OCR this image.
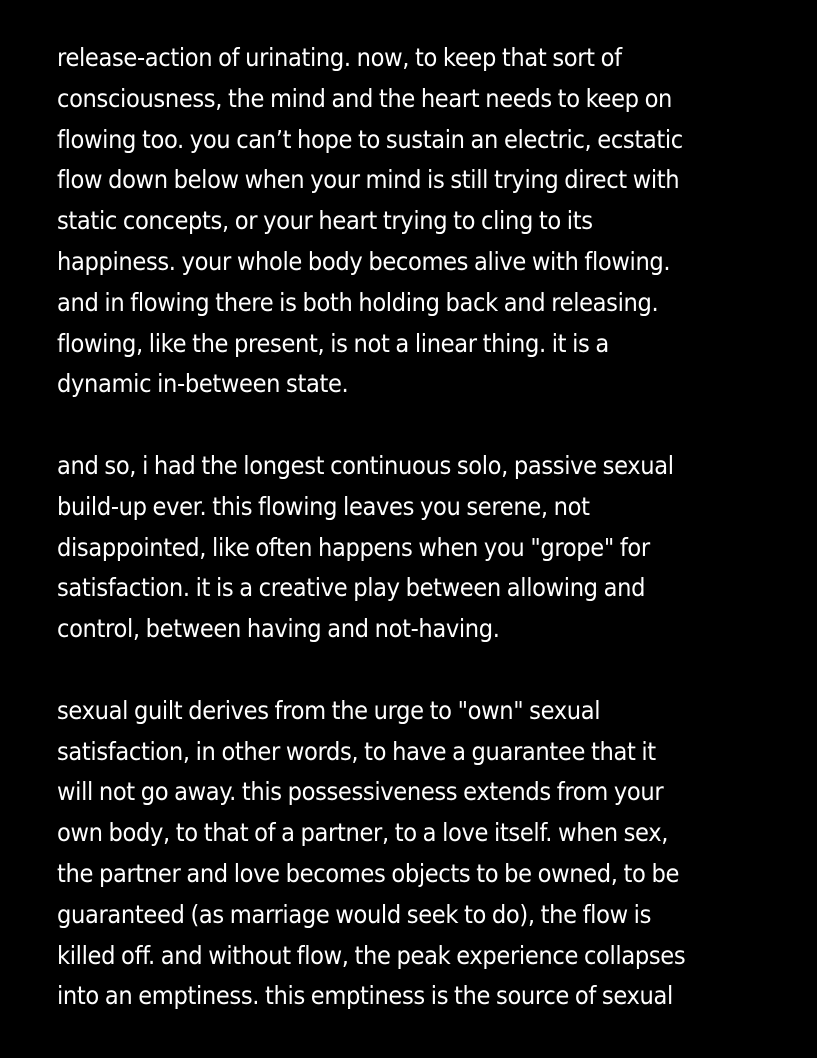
release-action of urinating. now, to keep that sort of
consciousness, the mind and the heart needs to keep on
flowing too. you can’t hope to sustain an electric, ecstatic
flow down below when your mind is still trying direct with
static concepts, or your heart trying to cling to its
happiness. your whole body becomes alive with flowing.
and in flowing there is both holding back and releasing.
flowing, like the present, is not a linear thing. it is a
dynamic in-between state.
and so, i had the longest continuous solo, passive sexual
build-up ever. this flowing leaves you serene, not
disappointed, like often happens when you "grope" for
satisfaction. it is a creative play between allowing and
control, between having and not-having.
sexual guilt derives from the urge to "own" sexual
satisfaction, in other words, to have a guarantee that it
will not go away. this possessiveness extends from your
own body, to that of a partner, to a love itself. when sex,
the partner and love becomes objects to be owned, to be
guaranteed (as marriage would seek to do), the flow is
killed off. and without flow, the peak experience collapses
into an emptiness. this emptiness is the source of sexual
